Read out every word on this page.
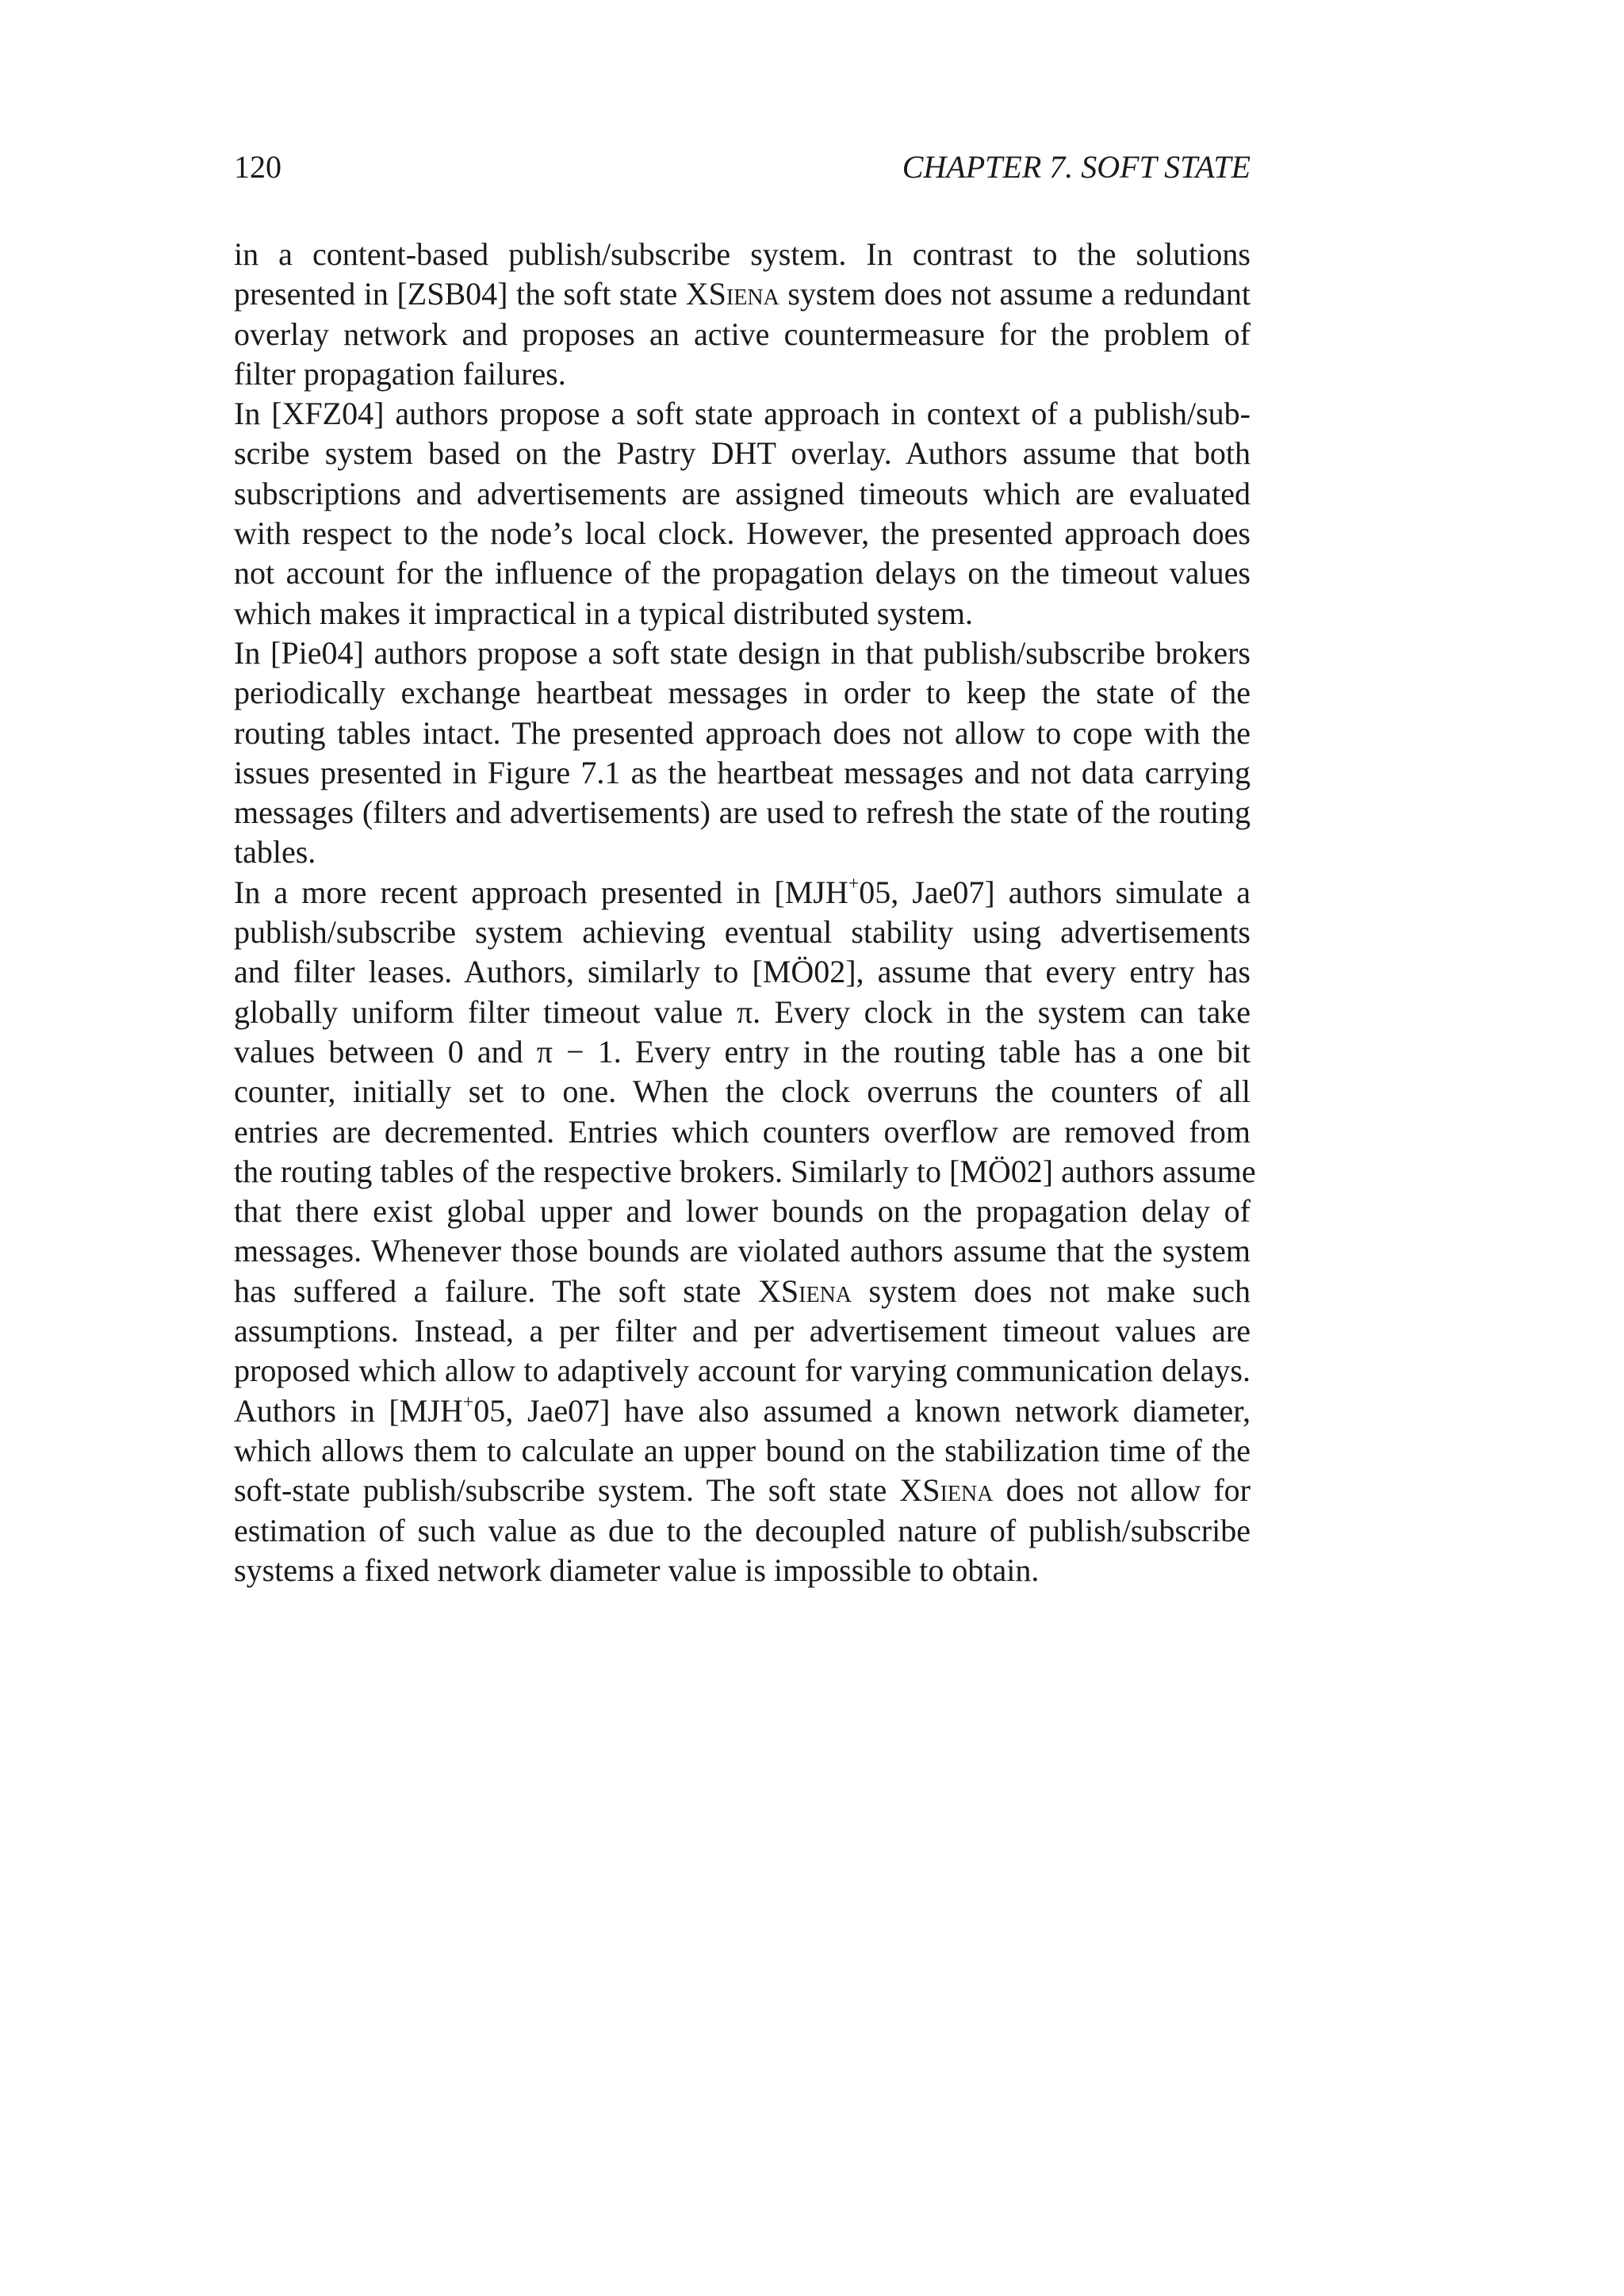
120	CHAPTER 7. SOFT STATE
in a content-based publish/subscribe system. In contrast to the solutions
presented in [ZSB04] the soft state XSiena system does not assume a redundant
overlay network and proposes an active countermeasure for the problem of
filter propagation failures.
In [XFZ04] authors propose a soft state approach in context of a publish/sub-
scribe system based on the Pastry DHT overlay. Authors assume that both
subscriptions and advertisements are assigned timeouts which are evaluated
with respect to the node’s local clock. However, the presented approach does
not account for the influence of the propagation delays on the timeout values
which makes it impractical in a typical distributed system.
In [Pie04] authors propose a soft state design in that publish/subscribe brokers
periodically exchange heartbeat messages in order to keep the state of the
routing tables intact. The presented approach does not allow to cope with the
issues presented in Figure 7.1 as the heartbeat messages and not data carrying
messages (filters and advertisements) are used to refresh the state of the routing
tables.
In a more recent approach presented in [MJH+05, Jae07] authors simulate a
publish/subscribe system achieving eventual stability using advertisements
and filter leases. Authors, similarly to [MÖ02], assume that every entry has
globally uniform filter timeout value π. Every clock in the system can take
values between 0 and π − 1. Every entry in the routing table has a one bit
counter, initially set to one. When the clock overruns the counters of all
entries are decremented. Entries which counters overflow are removed from
the routing tables of the respective brokers. Similarly to [MÖ02] authors assume
that there exist global upper and lower bounds on the propagation delay of
messages. Whenever those bounds are violated authors assume that the system
has suffered a failure. The soft state XSiena system does not make such
assumptions. Instead, a per filter and per advertisement timeout values are
proposed which allow to adaptively account for varying communication delays.
Authors in [MJH+05, Jae07] have also assumed a known network diameter,
which allows them to calculate an upper bound on the stabilization time of the
soft-state publish/subscribe system. The soft state XSiena does not allow for
estimation of such value as due to the decoupled nature of publish/subscribe
systems a fixed network diameter value is impossible to obtain.
